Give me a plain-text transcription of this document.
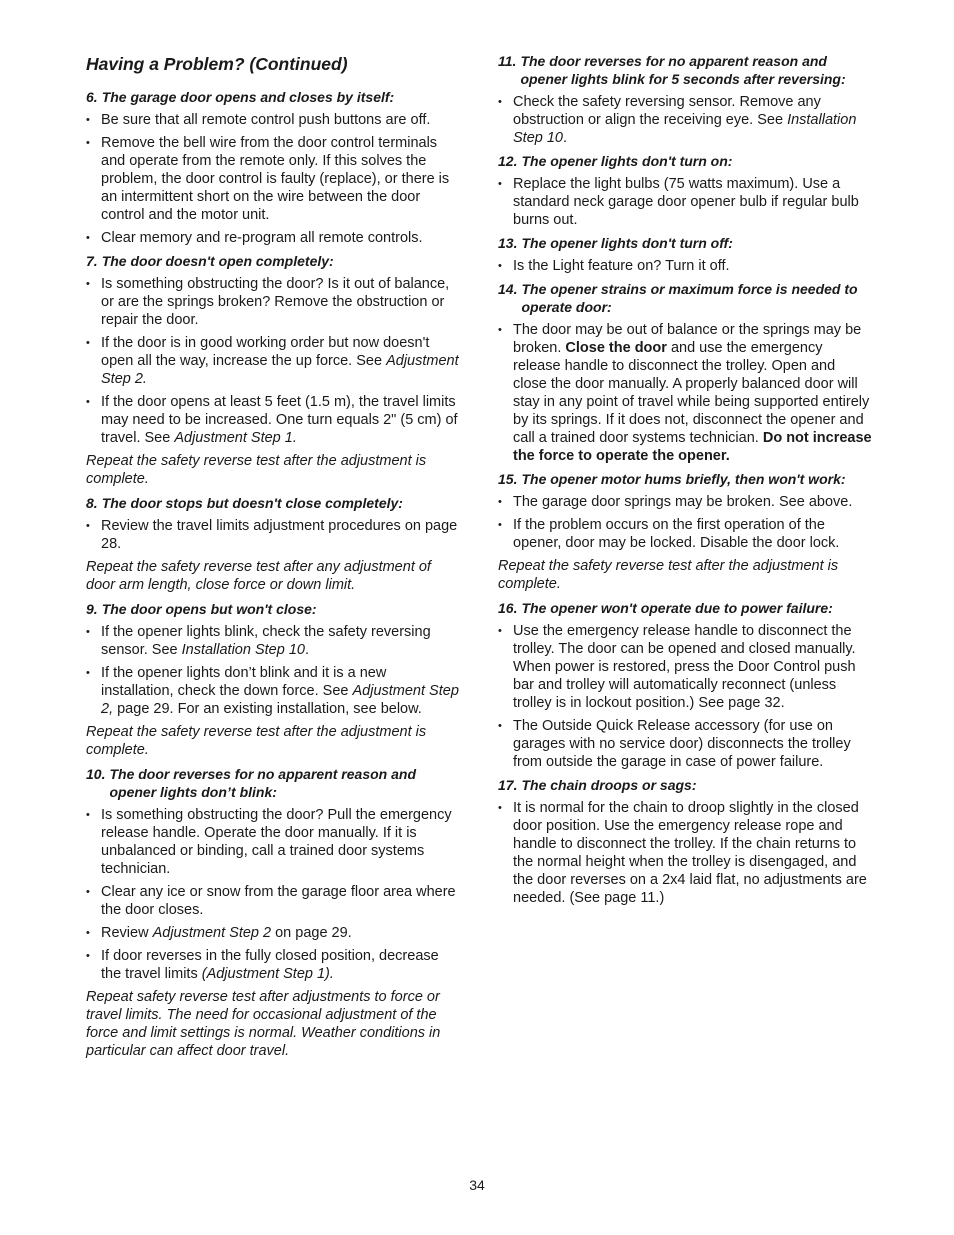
Having a Problem? (Continued)
6. The garage door opens and closes by itself:
• Be sure that all remote control push buttons are off.
• Remove the bell wire from the door control terminals and operate from the remote only. If this solves the problem, the door control is faulty (replace), or there is an intermittent short on the wire between the door control and the motor unit.
• Clear memory and re-program all remote controls.
7. The door doesn't open completely:
• Is something obstructing the door? Is it out of balance, or are the springs broken? Remove the obstruction or repair the door.
• If the door is in good working order but now doesn't open all the way, increase the up force. See Adjustment Step 2.
• If the door opens at least 5 feet (1.5 m), the travel limits may need to be increased. One turn equals 2" (5 cm) of travel. See Adjustment Step 1.

Repeat the safety reverse test after the adjustment is complete.

8. The door stops but doesn't close completely:
• Review the travel limits adjustment procedures on page 28.

Repeat the safety reverse test after any adjustment of door arm length, close force or down limit.

9. The door opens but won't close:
• If the opener lights blink, check the safety reversing sensor. See Installation Step 10.
• If the opener lights don’t blink and it is a new installation, check the down force. See Adjustment Step 2, page 29. For an existing installation, see below.

Repeat the safety reverse test after the adjustment is complete.

10. The door reverses for no apparent reason and opener lights don’t blink:
• Is something obstructing the door? Pull the emergency release handle. Operate the door manually. If it is unbalanced or binding, call a trained door systems technician.
• Clear any ice or snow from the garage floor area where the door closes.
• Review Adjustment Step 2 on page 29.
• If door reverses in the fully closed position, decrease the travel limits (Adjustment Step 1).

Repeat safety reverse test after adjustments to force or travel limits. The need for occasional adjustment of the force and limit settings is normal. Weather conditions in particular can affect door travel.

11. The door reverses for no apparent reason and opener lights blink for 5 seconds after reversing:
• Check the safety reversing sensor. Remove any obstruction or align the receiving eye. See Installation Step 10.
12. The opener lights don't turn on:
• Replace the light bulbs (75 watts maximum). Use a standard neck garage door opener bulb if regular bulb burns out.
13. The opener lights don't turn off:
• Is the Light feature on? Turn it off.
14. The opener strains or maximum force is needed to operate door:
• The door may be out of balance or the springs may be broken. Close the door and use the emergency release handle to disconnect the trolley. Open and close the door manually. A properly balanced door will stay in any point of travel while being supported entirely by its springs. If it does not, disconnect the opener and call a trained door systems technician. Do not increase the force to operate the opener.
15. The opener motor hums briefly, then won't work:
• The garage door springs may be broken. See above.
• If the problem occurs on the first operation of the opener, door may be locked. Disable the door lock.

Repeat the safety reverse test after the adjustment is complete.

16. The opener won't operate due to power failure:
• Use the emergency release handle to disconnect the trolley. The door can be opened and closed manually. When power is restored, press the Door Control push bar and trolley will automatically reconnect (unless trolley is in lockout position.) See page 32.
• The Outside Quick Release accessory (for use on garages with no service door) disconnects the trolley from outside the garage in case of power failure.
17. The chain droops or sags:
• It is normal for the chain to droop slightly in the closed door position. Use the emergency release rope and handle to disconnect the trolley. If the chain returns to the normal height when the trolley is disengaged, and the door reverses on a 2x4 laid flat, no adjustments are needed. (See page 11.)
34
